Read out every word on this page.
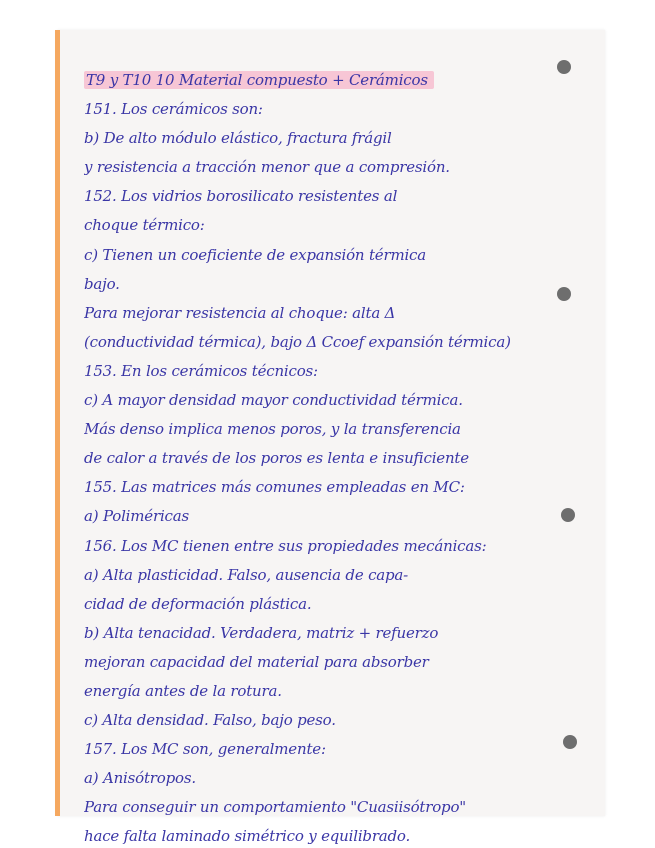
T9 y T10 10 Material compuesto + Cerámicos
151. Los cerámicos son:
b) De alto módulo elástico, fractura frágil
y resistencia a tracción menor que a compresión.
152. Los vidrios borosilicato resistentes al
choque térmico:
c) Tienen un coeficiente de expansión térmica
bajo.
Para mejorar resistencia al choque: alta Δ
(conductividad térmica), bajo Δ Ccoef expansión térmica)
153. En los cerámicos técnicos:
c) A mayor densidad mayor conductividad térmica.
Más denso implica menos poros, y la transferencia
de calor a través de los poros es lenta e insuficiente
155. Las matrices más comunes empleadas en MC:
a) Poliméricas
156. Los MC tienen entre sus propiedades mecánicas:
a) Alta plasticidad. Falso, ausencia de capa-
cidad de deformación plástica.
b) Alta tenacidad. Verdadera, matriz + refuerzo
mejoran capacidad del material para absorber
energía antes de la rotura.
c) Alta densidad. Falso, bajo peso.
157. Los MC son, generalmente:
a) Anisótropos.
Para conseguir un comportamiento "Cuasiisótropo"
hace falta laminado simétrico y equilibrado.
